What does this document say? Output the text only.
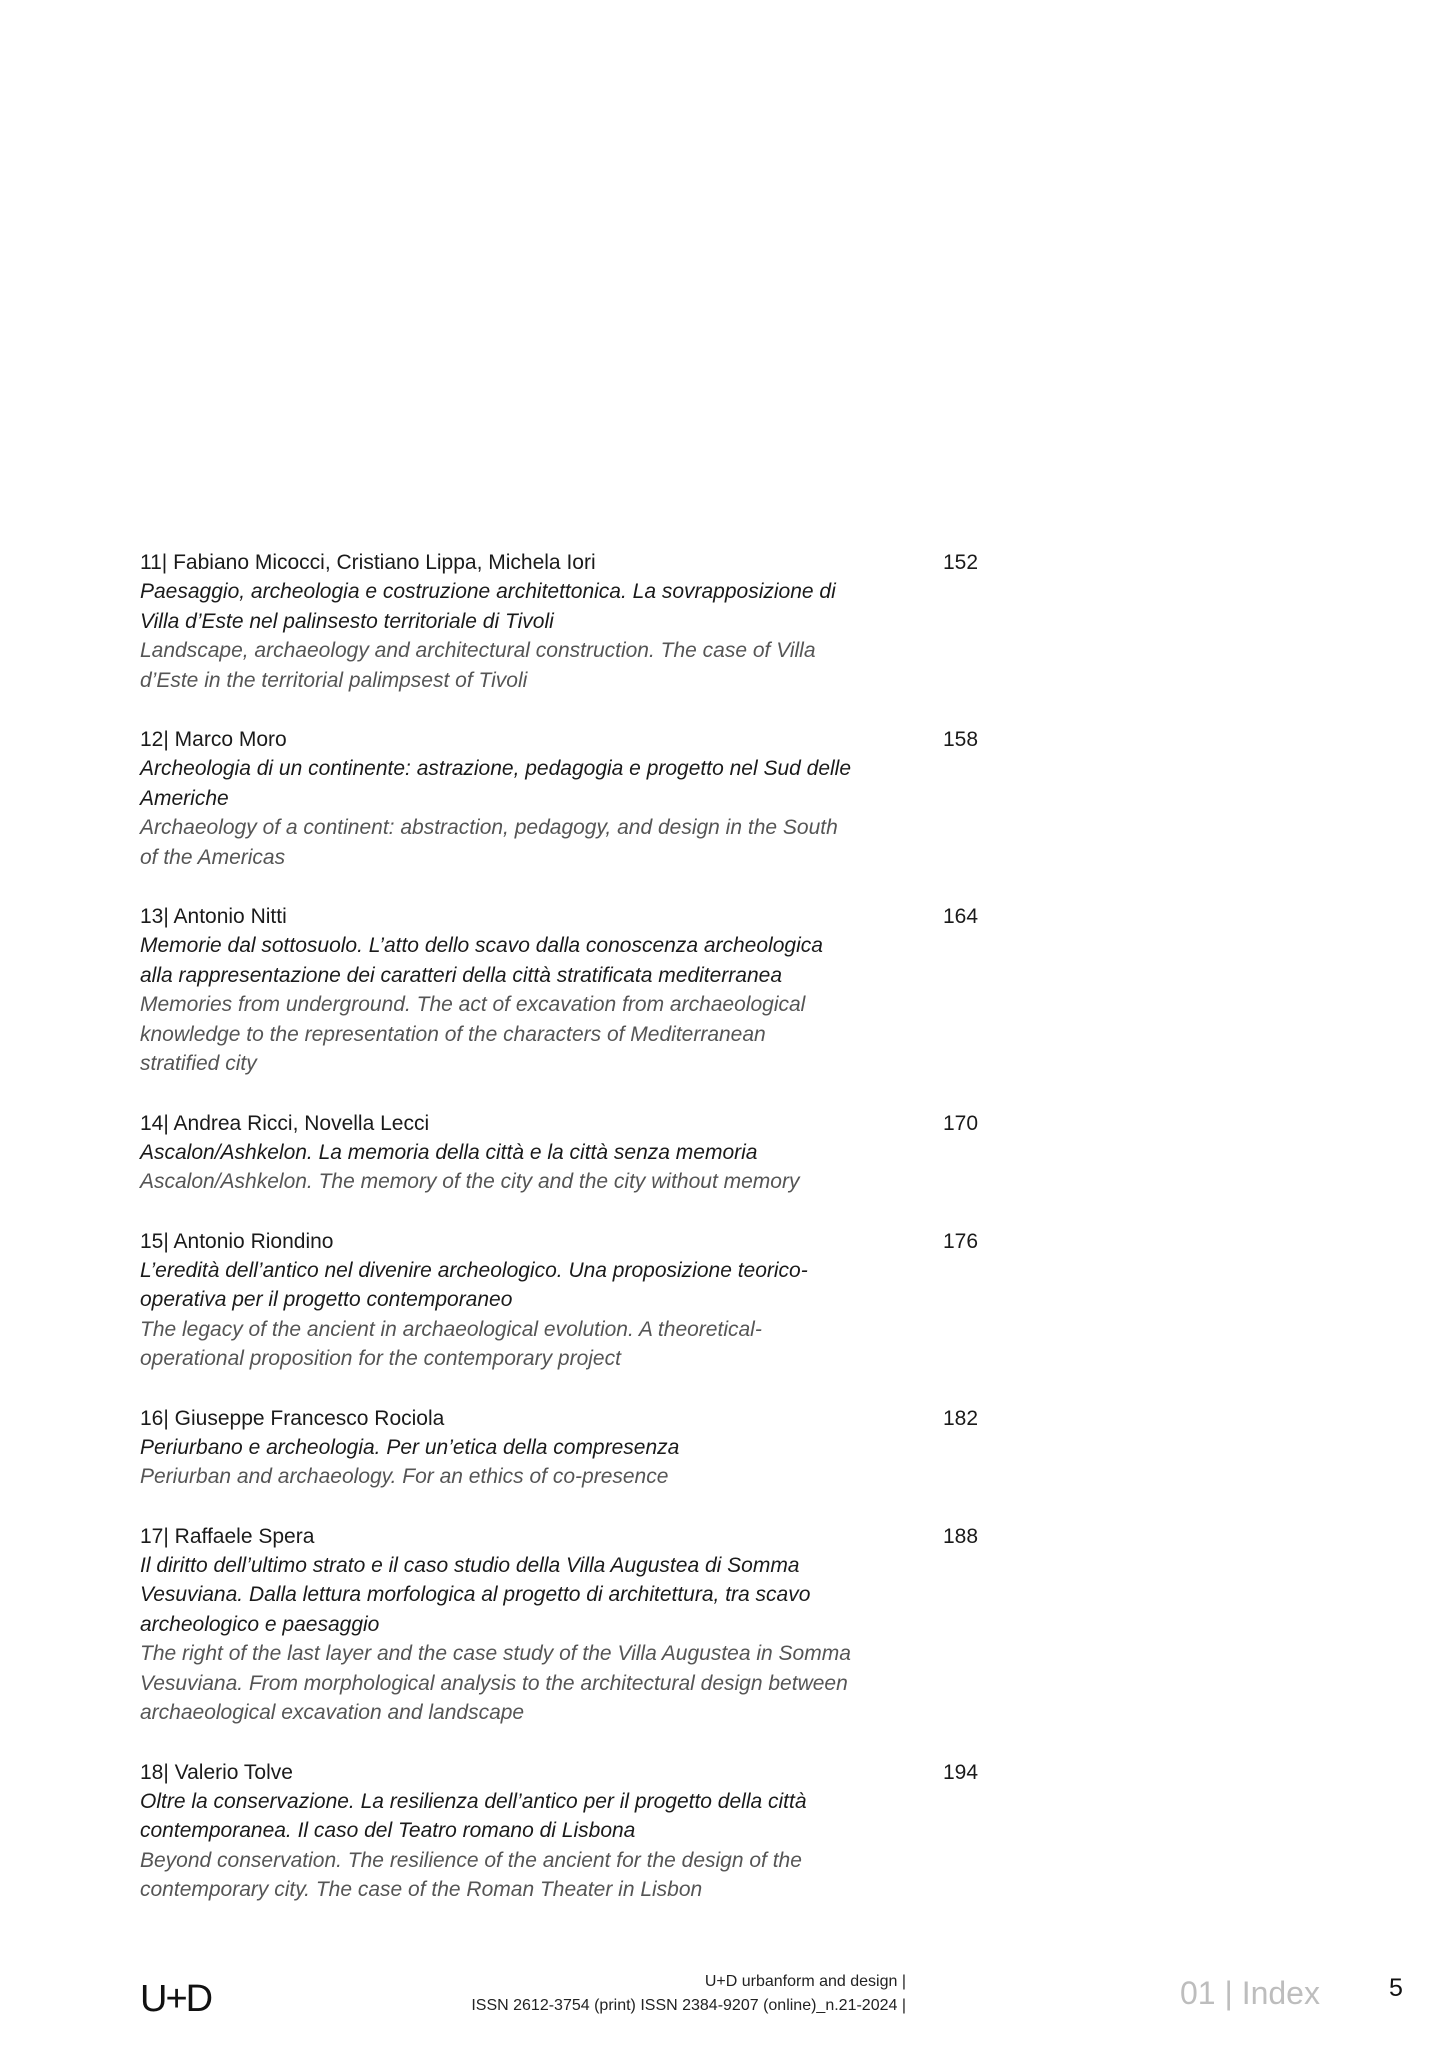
11| Fabiano Micocci, Cristiano Lippa, Michela Iori	152
Paesaggio, archeologia e costruzione architettonica. La sovrapposizione di
Villa d’Este nel palinsesto territoriale di Tivoli
Landscape, archaeology and architectural construction. The case of Villa
d’Este in the territorial palimpsest of Tivoli
12| Marco Moro	158
Archeologia di un continente: astrazione, pedagogia e progetto nel Sud delle
Americhe
Archaeology of a continent: abstraction, pedagogy, and design in the South
of the Americas
13| Antonio Nitti	164
Memorie dal sottosuolo. L’atto dello scavo dalla conoscenza archeologica
alla rappresentazione dei caratteri della città stratificata mediterranea
Memories from underground. The act of excavation from archaeological
knowledge to the representation of the characters of Mediterranean
stratified city
14| Andrea Ricci, Novella Lecci	170
Ascalon/Ashkelon. La memoria della città e la città senza memoria
Ascalon/Ashkelon. The memory of the city and the city without memory
15| Antonio Riondino	176
L’eredità dell’antico nel divenire archeologico. Una proposizione teorico-
operativa per il progetto contemporaneo
The legacy of the ancient in archaeological evolution. A theoretical-
operational proposition for the contemporary project
16| Giuseppe Francesco Rociola	182
Periurbano e archeologia. Per un’etica della compresenza
Periurban and archaeology. For an ethics of co-presence
17| Raffaele Spera	188
Il diritto dell’ultimo strato e il caso studio della Villa Augustea di Somma
Vesuviana. Dalla lettura morfologica al progetto di architettura, tra scavo
archeologico e paesaggio
The right of the last layer and the case study of the Villa Augustea in Somma
Vesuviana. From morphological analysis to the architectural design between
archaeological excavation and landscape
18| Valerio Tolve	194
Oltre la conservazione. La resilienza dell’antico per il progetto della città
contemporanea. Il caso del Teatro romano di Lisbona
Beyond conservation. The resilience of the ancient for the design of the
contemporary city. The case of the Roman Theater in Lisbon
U+D	U+D urbanform and design |
ISSN 2612-3754 (print) ISSN 2384-9207 (online)_n.21-2024 |	01 | Index	5
